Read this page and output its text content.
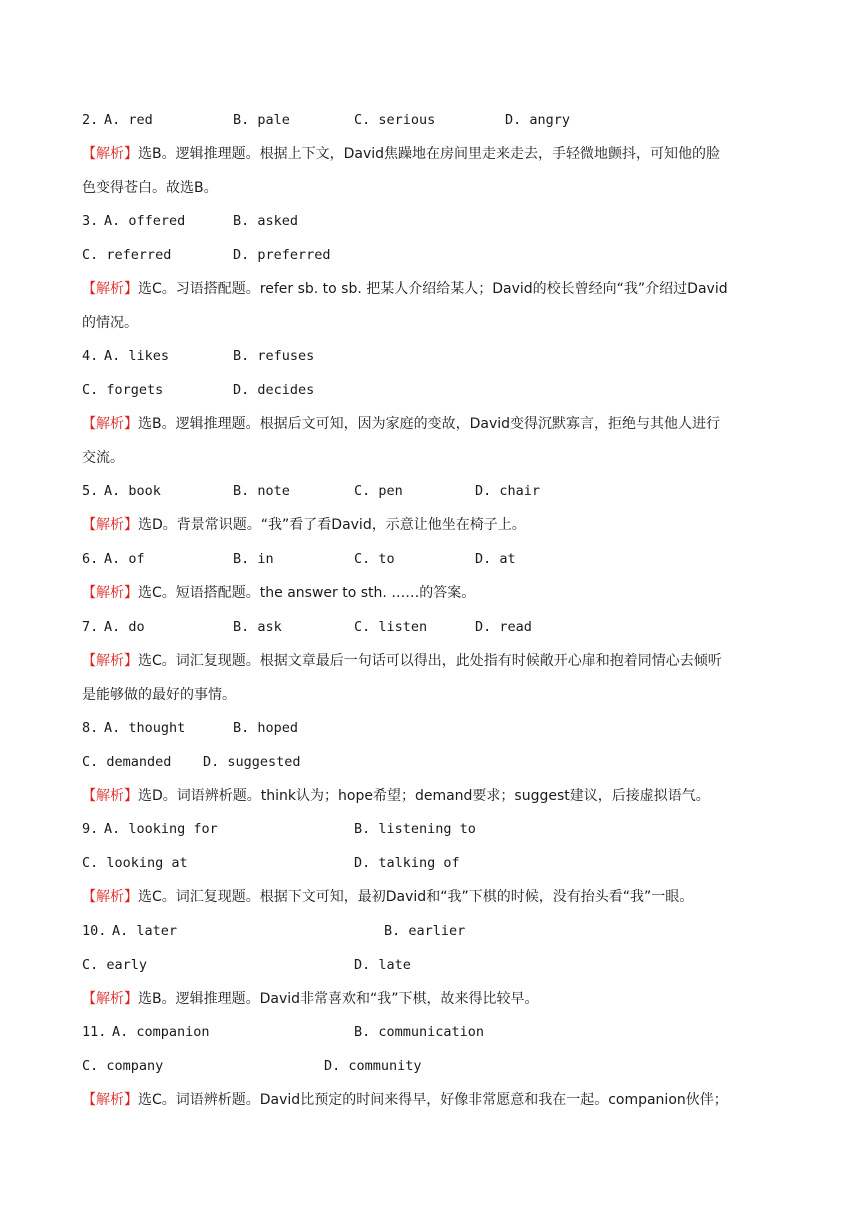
2. A. red	B. pale	C. serious	D. angry
【解析】选B。逻辑推理题。根据上下文，David焦躁地在房间里走来走去，手轻微地颤抖，可知他的脸
色变得苍白。故选B。
3. A. offered	B. asked
C. referred	D. preferred
【解析】选C。习语搭配题。refer sb. to sb. 把某人介绍给某人；David的校长曾经向“我”介绍过David
的情况。
4. A. likes	B. refuses
C. forgets	D. decides
【解析】选B。逻辑推理题。根据后文可知，因为家庭的变故，David变得沉默寡言，拒绝与其他人进行
交流。
5. A. book	B. note	C. pen	D. chair
【解析】选D。背景常识题。“我”看了看David，示意让他坐在椅子上。
6. A. of	B. in	C. to	D. at
【解析】选C。短语搭配题。the answer to sth. ……的答案。
7. A. do	B. ask	C. listen	D. read
【解析】选C。词汇复现题。根据文章最后一句话可以得出，此处指有时候敞开心扉和抱着同情心去倾听
是能够做的最好的事情。
8. A. thought	B. hoped
C. demanded D. suggested
【解析】选D。词语辨析题。think认为；hope希望；demand要求；suggest建议，后接虚拟语气。
9. A. looking for	B. listening to
C. looking at	D. talking of
【解析】选C。词汇复现题。根据下文可知，最初David和“我”下棋的时候，没有抬头看“我”一眼。
10. A. later	B. earlier
C. early	D. late
【解析】选B。逻辑推理题。David非常喜欢和“我”下棋，故来得比较早。
11. A. companion	B. communication
C. company	D. community
【解析】选C。词语辨析题。David比预定的时间来得早，好像非常愿意和我在一起。companion伙伴；
